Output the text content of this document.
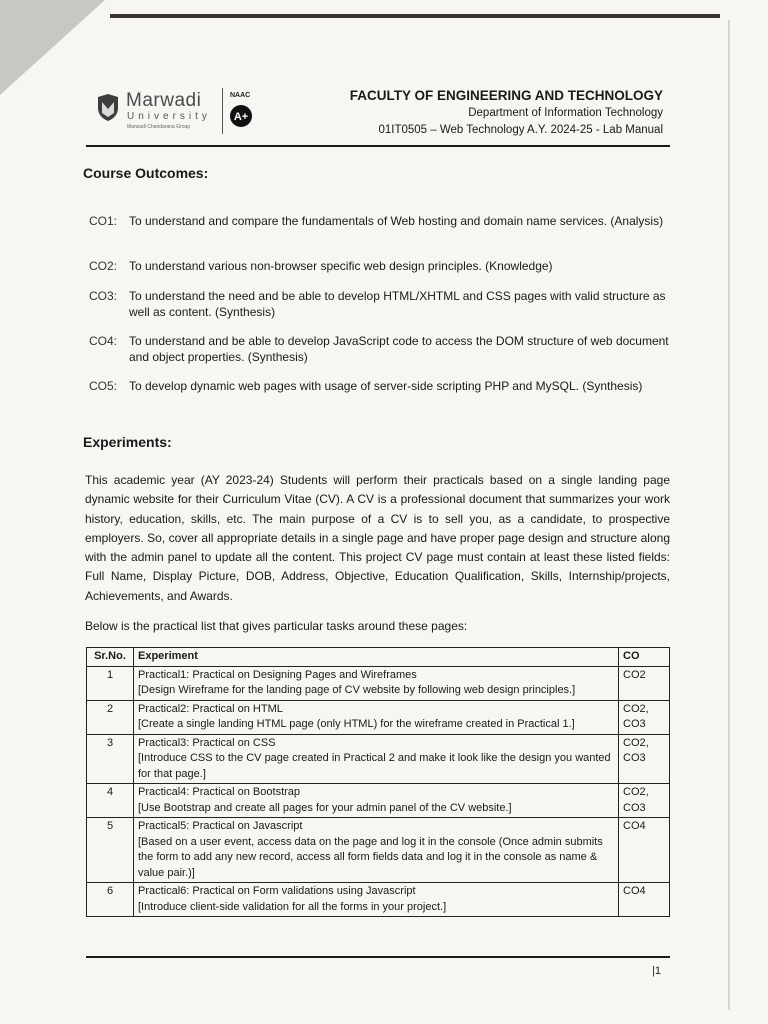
Marwadi
University
Marwadi Chandarana Group
NAAC
A+
FACULTY OF ENGINEERING AND TECHNOLOGY
Department of Information Technology
01IT0505 – Web Technology A.Y. 2024-25 - Lab Manual
Course Outcomes:
CO1: To understand and compare the fundamentals of Web hosting and domain name services. (Analysis)
CO2: To understand various non-browser specific web design principles. (Knowledge)
CO3: To understand the need and be able to develop HTML/XHTML and CSS pages with valid structure as well as content. (Synthesis)
CO4: To understand and be able to develop JavaScript code to access the DOM structure of web document and object properties. (Synthesis)
CO5: To develop dynamic web pages with usage of server-side scripting PHP and MySQL. (Synthesis)
Experiments:
This academic year (AY 2023-24) Students will perform their practicals based on a single landing page dynamic website for their Curriculum Vitae (CV). A CV is a professional document that summarizes your work history, education, skills, etc. The main purpose of a CV is to sell you, as a candidate, to prospective employers. So, cover all appropriate details in a single page and have proper page design and structure along with the admin panel to update all the content. This project CV page must contain at least these listed fields: Full Name, Display Picture, DOB, Address, Objective, Education Qualification, Skills, Internship/projects, Achievements, and Awards.
Below is the practical list that gives particular tasks around these pages:
Sr.No.	Experiment	CO
1	Practical1: Practical on Designing Pages and Wireframes
[Design Wireframe for the landing page of CV website by following web design principles.]	CO2

2	Practical2: Practical on HTML
[Create a single landing HTML page (only HTML) for the wireframe created in Practical 1.]	CO2,
CO3

3	Practical3: Practical on CSS
[Introduce CSS to the CV page created in Practical 2 and make it look like the design you wanted for that page.]	CO2,
CO3

4	Practical4: Practical on Bootstrap
[Use Bootstrap and create all pages for your admin panel of the CV website.]	CO2,
CO3

5	Practical5: Practical on Javascript
[Based on a user event, access data on the page and log it in the console (Once admin submits the form to add any new record, access all form fields data and log it in the console as name & value pair.)]	CO4

6	Practical6: Practical on Form validations using Javascript
[Introduce client-side validation for all the forms in your project.]	CO4
|1
